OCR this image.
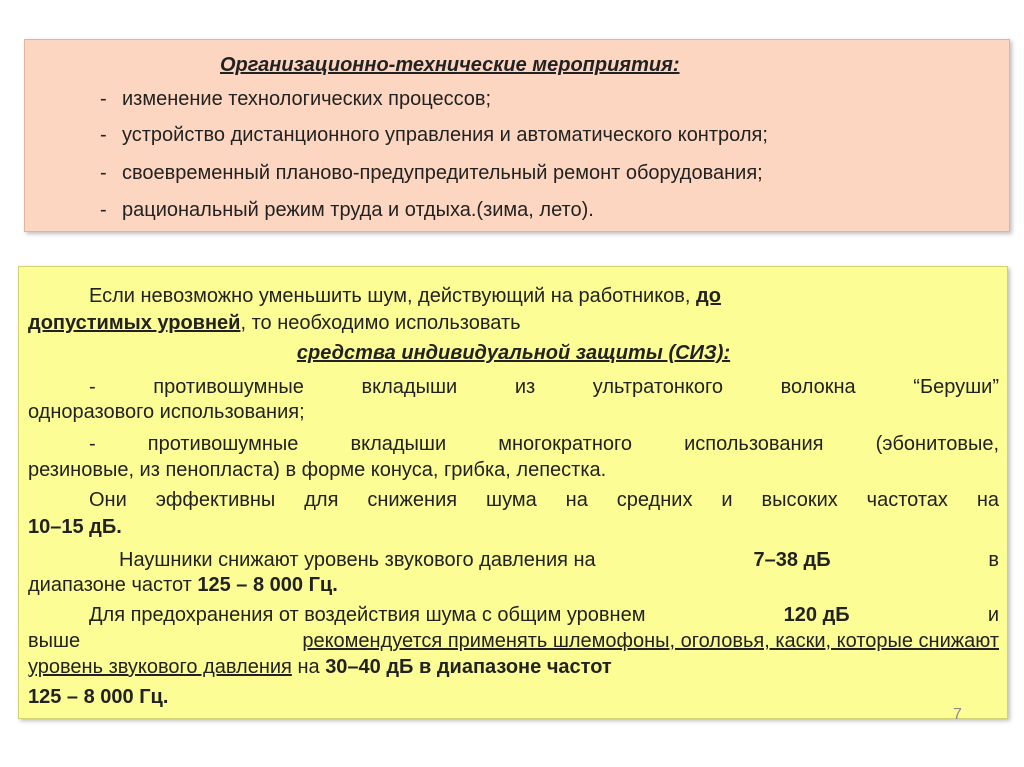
Организационно-технические мероприятия:
- изменение технологических процессов;
- устройство дистанционного управления и автоматического контроля;
- своевременный планово-предупредительный ремонт оборудования;
- рациональный режим труда и отдыха.(зима, лето).
Если невозможно уменьшить шум, действующий на работников, до
допустимых уровней, то необходимо использовать
средства индивидуальной защиты (СИЗ):
- противошумные вкладыши из ультратонкого волокна “Беруши”
одноразового использования;
- противошумные вкладыши многократного использования (эбонитовые,
резиновые, из пенопласта) в форме конуса, грибка, лепестка.
Они эффективны для снижения шума на средних и высоких частотах на
10–15 дБ.
Наушники снижают уровень звукового давления на	7–38 дБ	в
диапазоне частот 125 – 8 000 Гц.
Для предохранения от воздействия шума с общим уровнем	120 дБ	и
выше	рекомендуется применять шлемофоны, оголовья, каски, которые снижают
уровень звукового давления на 30–40 дБ в диапазоне частот
125 – 8 000 Гц.
7
